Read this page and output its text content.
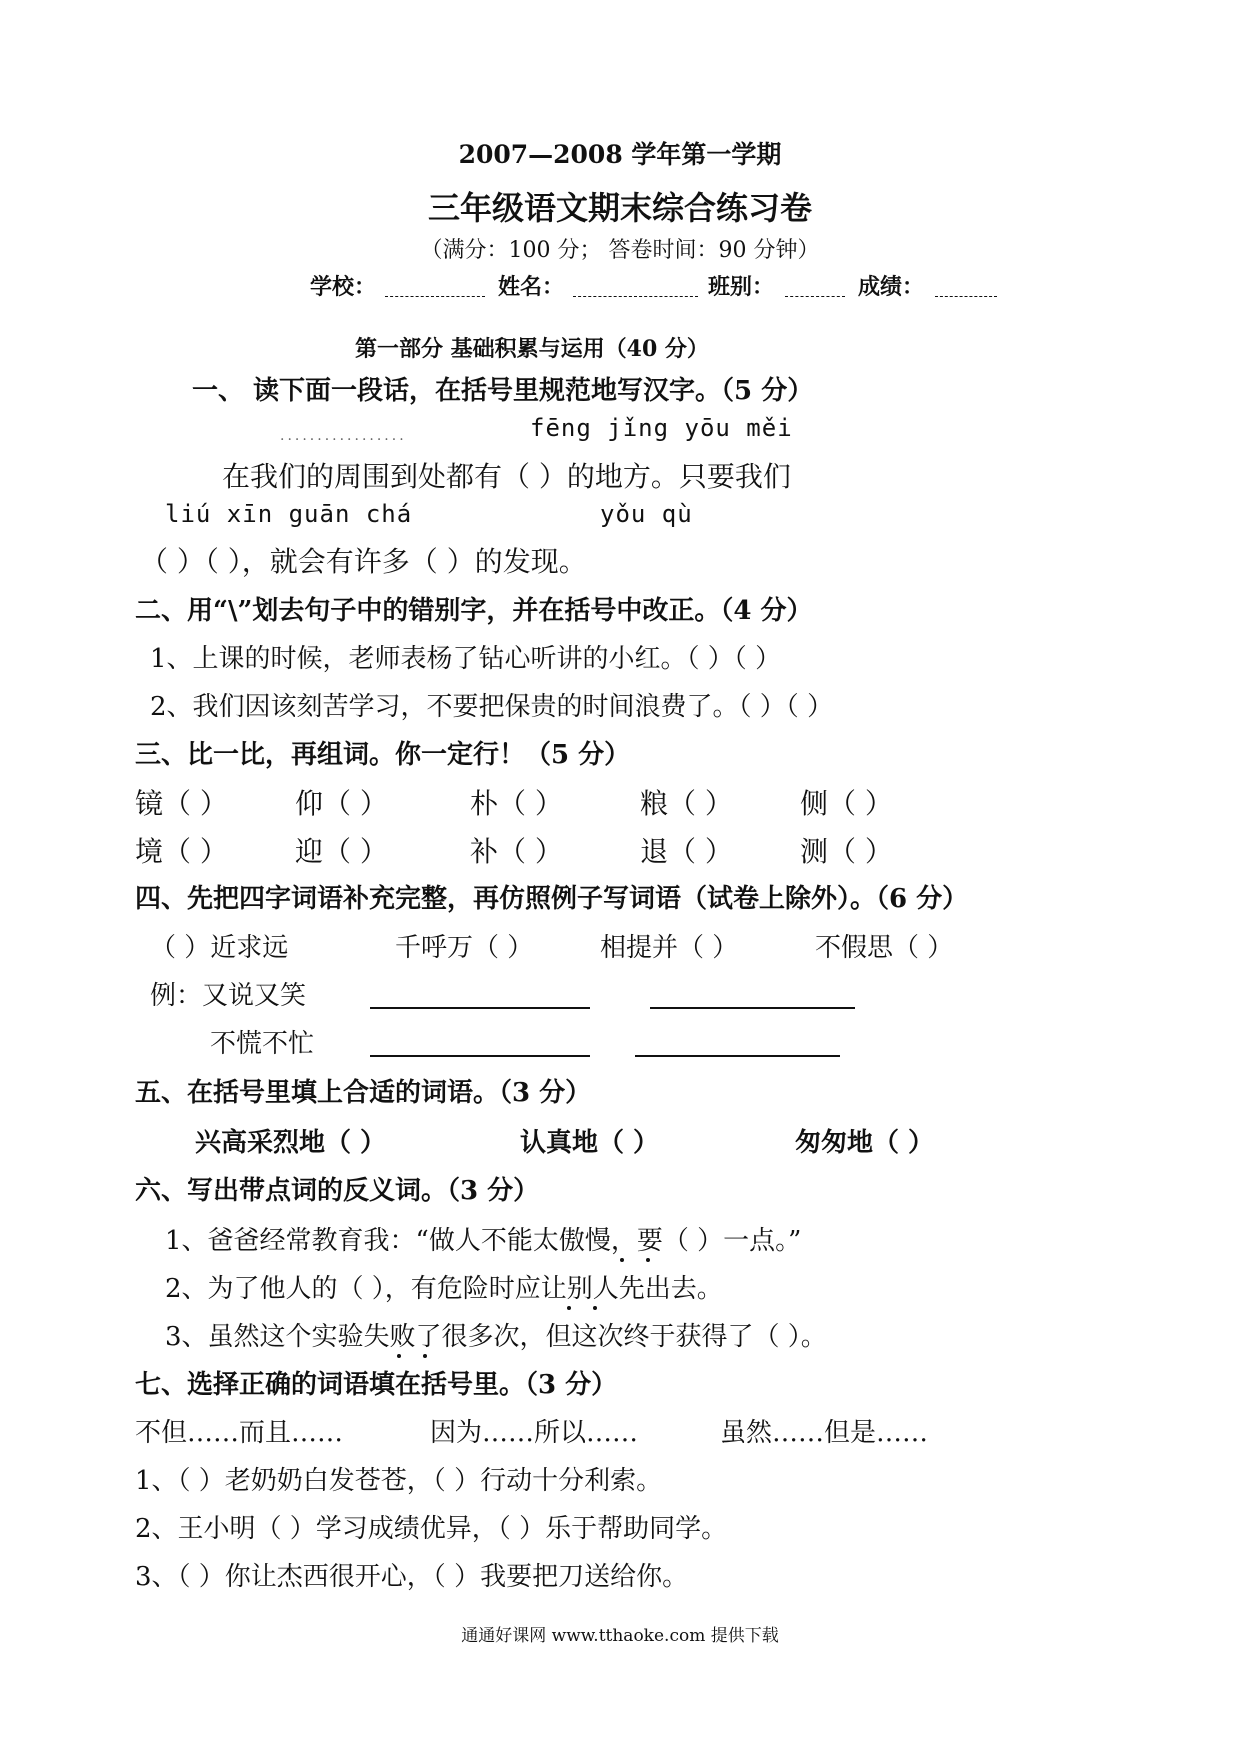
2007—2008 学年第一学期
三年级语文期末综合练习卷
（满分：100 分； 答卷时间：90 分钟）
学校：	姓名：	班别：	成绩：
第一部分 基础积累与运用（40 分）
一、 读下面一段话，在括号里规范地写汉字。（5 分）
·················	fēng jǐng yōu měi
在我们的周围到处都有（ ）的地方。只要我们
liú xīn guān chá	yǒu qù
（ ）（ ），就会有许多（ ）的发现。
二、用“\”划去句子中的错别字，并在括号中改正。（4 分）
1、上课的时候，老师表杨了钻心听讲的小红。（ ）（ ）
2、我们因该刻苦学习，不要把保贵的时间浪费了。（ ）（ ）
三、比一比，再组词。你一定行！（5 分）
镜（ ） 仰（ ）	朴（ ）	粮（ ） 侧（ ）
境（ ） 迎（ ）	补（ ）	退（ ） 测（ ）
四、先把四字词语补充完整，再仿照例子写词语（试卷上除外）。（6 分）
（ ）近求远	千呼万（ ）	相提并（ ）	不假思（ ）
例：又说又笑
不慌不忙
五、在括号里填上合适的词语。（3 分）
兴高采烈地（ ）	认真地（ ）	匆匆地（ ）
六、写出带点词的反义词。（3 分）
1、爸爸经常教育我：“做人不能太傲慢，要（ ）一点。”
2、为了他人的（ ），有危险时应让别人先出去。
3、虽然这个实验失败了很多次，但这次终于获得了（ ）。
七、选择正确的词语填在括号里。（3 分）
不但……而且……	因为……所以……	虽然……但是……
1、（ ）老奶奶白发苍苍，（ ）行动十分利索。
2、王小明（ ）学习成绩优异，（ ）乐于帮助同学。
3、（ ）你让杰西很开心，（ ）我要把刀送给你。
通通好课网 www.tthaoke.com 提供下载
